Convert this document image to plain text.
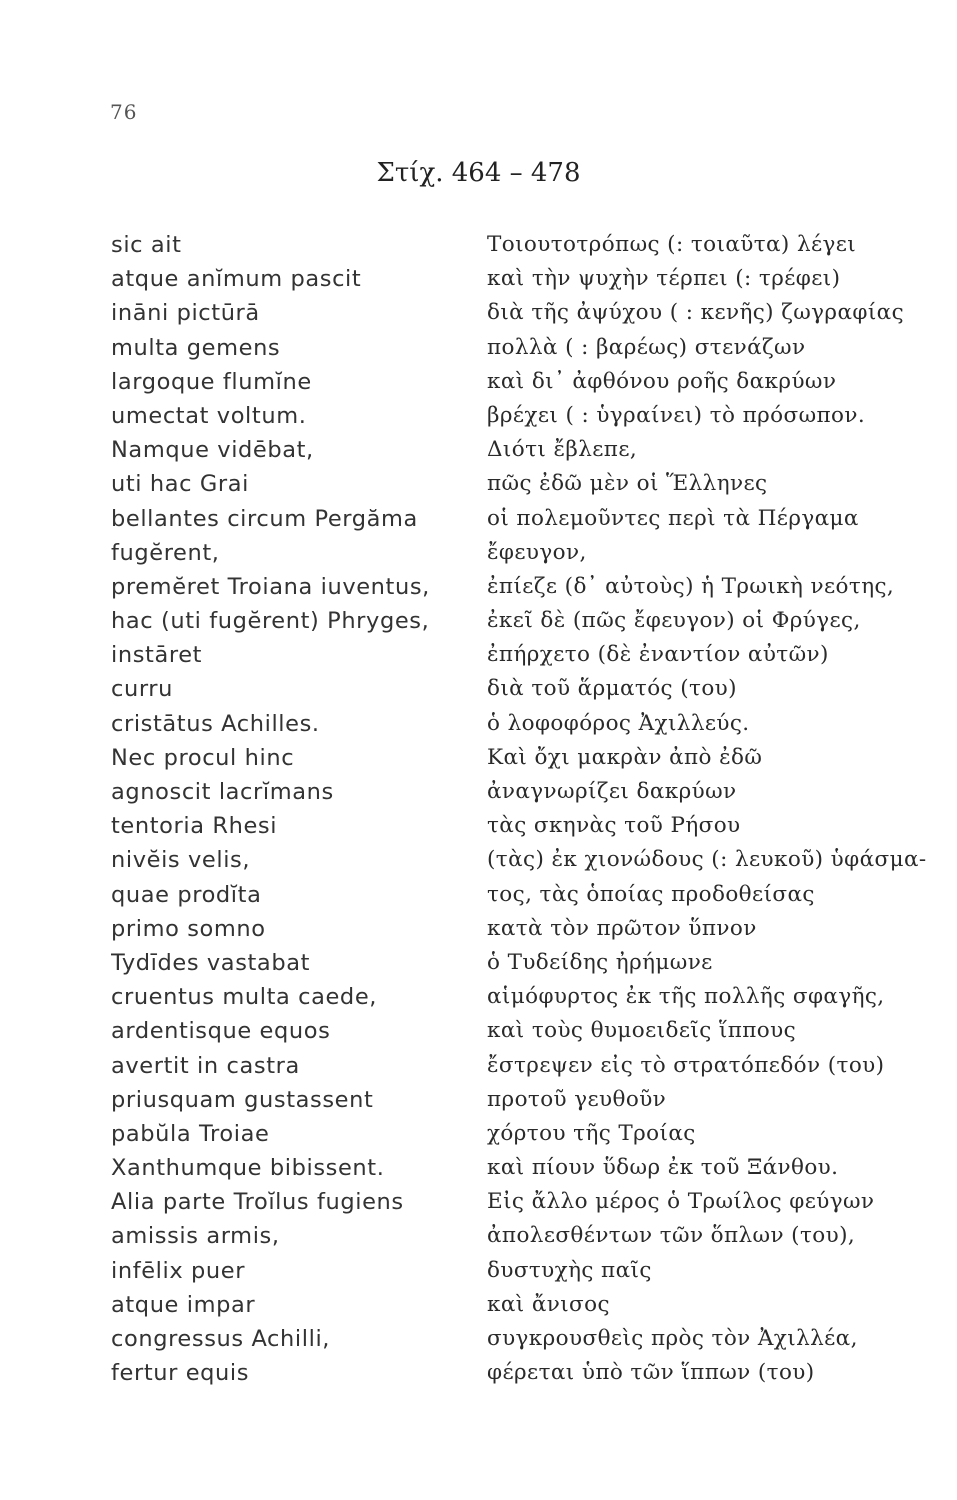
76
Στίχ. 464 – 478
sic ait
atque anĭmum pascit
ināni pictūrā
multa gemens
largoque flumĭne
umectat voltum.
Namque vidēbat,
uti hac Grai
bellantes circum Pergăma
fugĕrent,
premĕret Troiana iuventus,
hac (uti fugĕrent) Phryges,
instāret
curru
cristātus Achilles.
Nec procul hinc
agnoscit lacrĭmans
tentoria Rhesi
nivĕis velis,
quae prodĭta
primo somno
Tydīdes vastabat
cruentus multa caede,
ardentisque equos
avertit in castra
priusquam gustassent
pabŭla Troiae
Xanthumque bibissent.
Alia parte Troĭlus fugiens
amissis armis,
infēlix puer
atque impar
congressus Achilli,
fertur equis
Τοιουτοτρόπως (: τοιαῦτα) λέγει
καὶ τὴν ψυχὴν τέρπει (: τρέφει)
διὰ τῆς ἀψύχου ( : κενῆς) ζωγραφίας
πολλὰ ( : βαρέως) στενάζων
καὶ δι᾽ ἀφθόνου ροῆς δακρύων
βρέχει ( : ὑγραίνει) τὸ πρόσωπον.
Διότι ἔβλεπε,
πῶς ἐδῶ μὲν οἱ Ἕλληνες
οἱ πολεμοῦντες περὶ τὰ Πέργαμα
ἔφευγον,
ἐπίεζε (δ᾽ αὐτοὺς) ἡ Τρωικὴ νεότης,
ἐκεῖ δὲ (πῶς ἔφευγον) οἱ Φρύγες,
ἐπήρχετο (δὲ ἐναντίον αὐτῶν)
διὰ τοῦ ἅρματός (του)
ὁ λοφοφόρος Ἀχιλλεύς.
Καὶ ὄχι μακρὰν ἀπὸ ἐδῶ
ἀναγνωρίζει δακρύων
τὰς σκηνὰς τοῦ Ρήσου
(τὰς) ἐκ χιονώδους (: λευκοῦ) ὑφάσμα-
τος, τὰς ὁποίας προδοθείσας
κατὰ τὸν πρῶτον ὕπνον
ὁ Τυδείδης ἠρήμωνε
αἱμόφυρτος ἐκ τῆς πολλῆς σφαγῆς,
καὶ τοὺς θυμοειδεῖς ἵππους
ἔστρεψεν εἰς τὸ στρατόπεδόν (του)
προτοῦ γευθοῦν
χόρτου τῆς Τροίας
καὶ πίουν ὕδωρ ἐκ τοῦ Ξάνθου.
Εἰς ἄλλο μέρος ὁ Τρωίλος φεύγων
ἀπολεσθέντων τῶν ὅπλων (του),
δυστυχὴς παῖς
καὶ ἄνισος
συγκρουσθεὶς πρὸς τὸν Ἀχιλλέα,
φέρεται ὑπὸ τῶν ἵππων (του)
